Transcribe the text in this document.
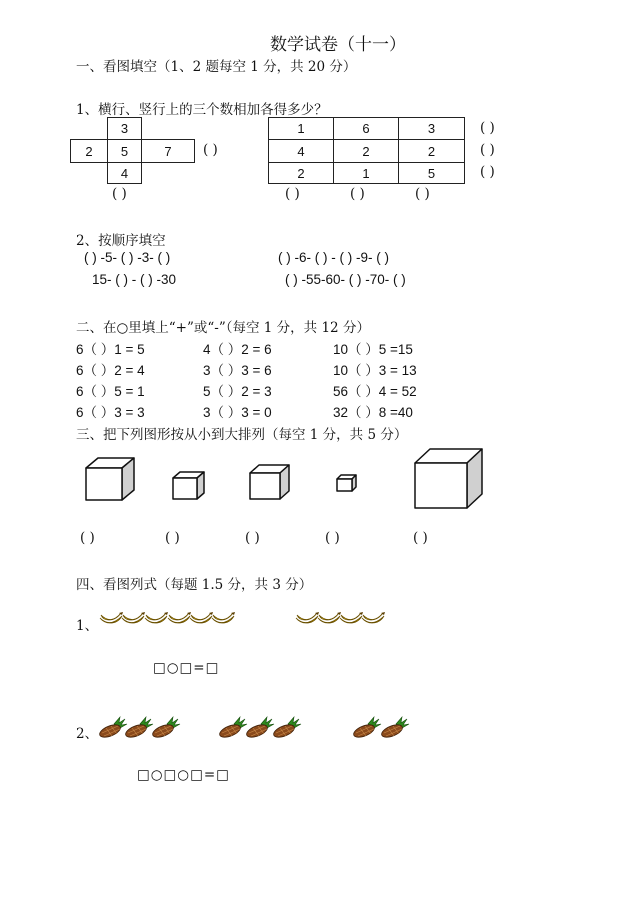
数学试卷（十一）
一、看图填空（1、2 题每空 1 分，共 20 分）
1、横行、竖行上的三个数相加各得多少？
3
2	5	7
4
( )
( )
1	6	3
4	2	2
2	1	5
( )
( )
( )
( )	( )	( )
2、按顺序填空
( ) -5- ( ) -3- ( )	( ) -6- ( ) - ( ) -9- ( )
15- ( ) - ( ) -30	( ) -55-60- ( ) -70- ( )
二、在○里填上“+”或“-”（每空 1 分，共 12 分）
6（ ）1 = 5	4（ ）2 = 6	10（ ）5 =15
6（ ）2 = 4	3（ ）3 = 6	10（ ）3 = 13
6（ ）5 = 1	5（ ）2 = 3	56（ ）4 = 52
6（ ）3 = 3	3（ ）3 = 0	32（ ）8 =40
三、把下列图形按从小到大排列（每空 1 分，共 5 分）
( )	( )	( )	( )	( )
四、看图列式（每题 1.5 分，共 3 分）
1、
□○□=□
2、
□○□○□=□
